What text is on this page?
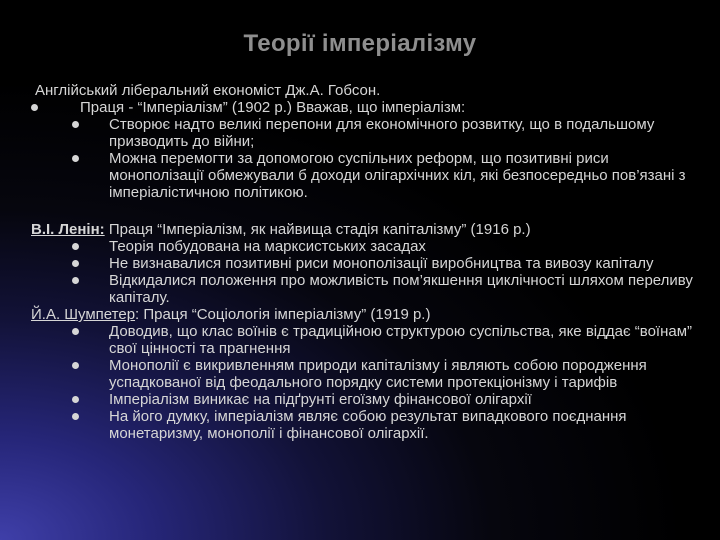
Теорії імперіалізму

Англійський ліберальний економіст Дж.А. Гобсон.

Праця - “Імперіалізм” (1902 р.) Вважав, що імперіалізм:
Створює надто великі перепони для економічного розвитку, що в подальшому призводить до війни;
Можна перемогти за допомогою суспільних реформ, що позитивні риси монополізації обмежували б доходи олігархічних кіл, які безпосередньо пов’язані з імперіалістичною політикою.

В.І. Ленін: Праця “Імперіалізм, як найвища стадія капіталізму” (1916 р.)

Теорія побудована на марксистських засадах
Не визнавалися позитивні риси монополізації виробництва та вивозу капіталу
Відкидалися положення про можливість пом’якшення циклічності шляхом переливу капіталу.

Й.А. Шумпетер: Праця “Соціологія імперіалізму” (1919 р.)

Доводив, що клас воїнів є традиційною структурою суспільства, яке віддає “воїнам” свої цінності та прагнення
Монополії є викривленням природи капіталізму і являють собою породження успадкованої від феодального порядку системи протекціонізму і тарифів
Імперіалізм виникає на підґрунті егоїзму фінансової олігархії
На його думку, імперіалізм являє собою результат випадкового поєднання монетаризму, монополії і фінансової олігархії.
